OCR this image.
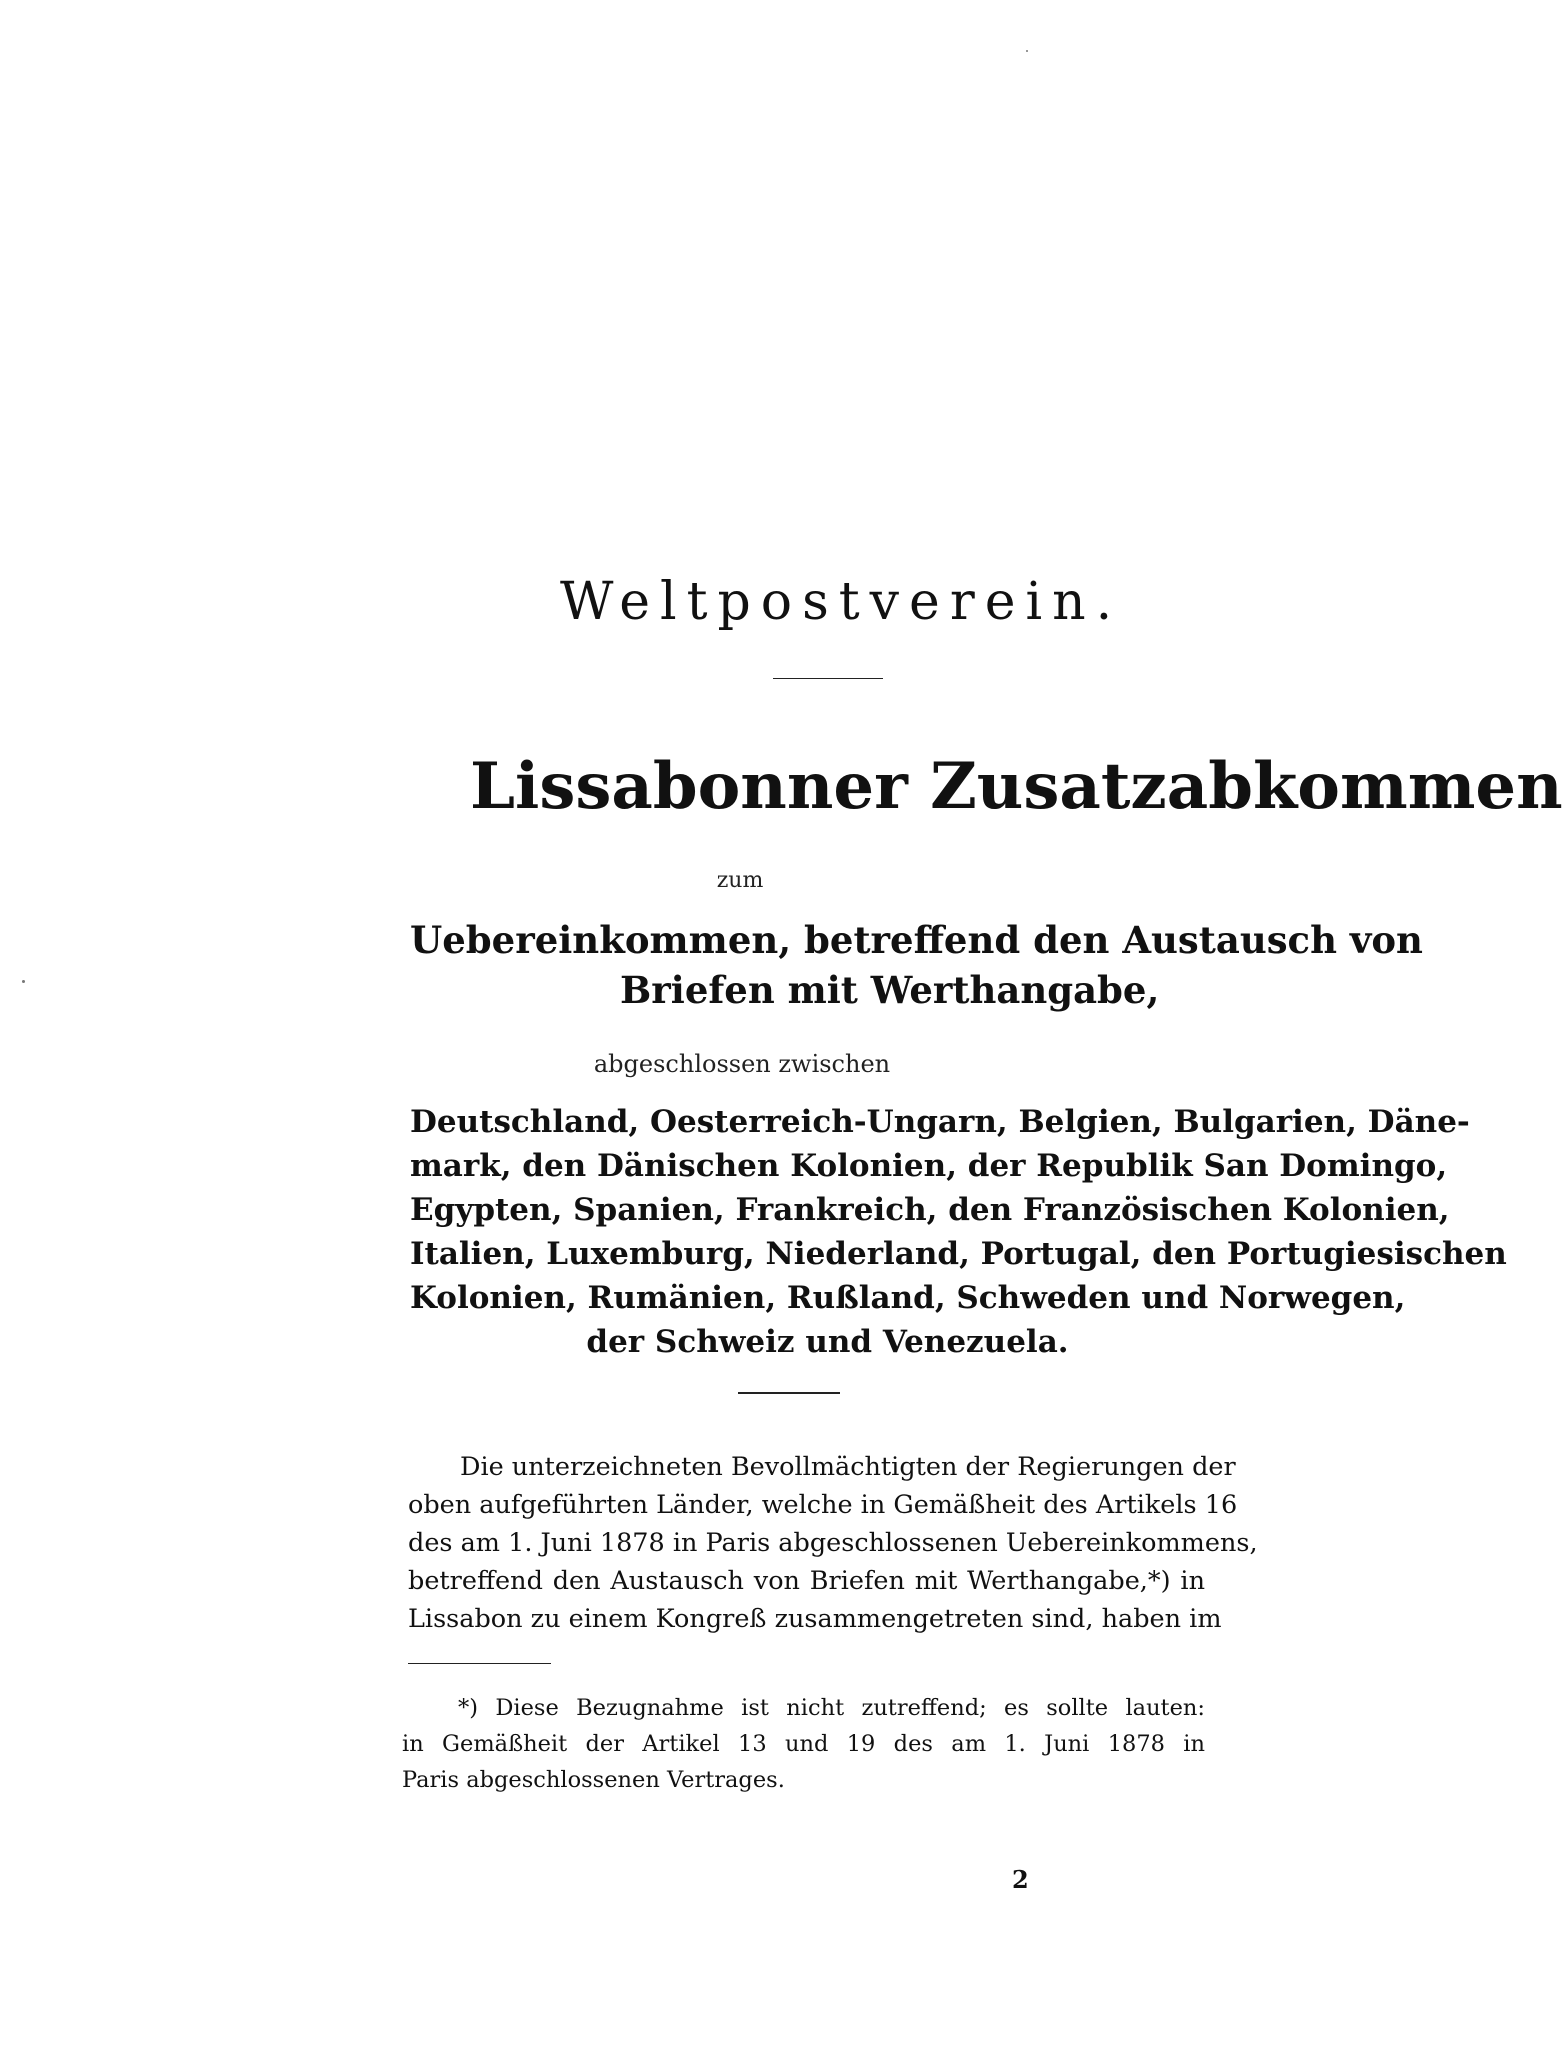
Weltpostverein.
Lissabonner Zusatzabkommen
zum
Uebereinkommen, betreffend den Austausch von
Briefen mit Werthangabe,
abgeschlossen zwischen
Deutschland, Oesterreich-Ungarn, Belgien, Bulgarien, Däne-
mark, den Dänischen Kolonien, der Republik San Domingo,
Egypten, Spanien, Frankreich, den Französischen Kolonien,
Italien, Luxemburg, Niederland, Portugal, den Portugiesischen
Kolonien, Rumänien, Rußland, Schweden und Norwegen,
der Schweiz und Venezuela.
Die unterzeichneten Bevollmächtigten der Regierungen der
oben aufgeführten Länder, welche in Gemäßheit des Artikels 16
des am 1. Juni 1878 in Paris abgeschlossenen Uebereinkommens,
betreffend den Austausch von Briefen mit Werthangabe,*) in
Lissabon zu einem Kongreß zusammengetreten sind, haben im
*) Diese Bezugnahme ist nicht zutreffend; es sollte lauten:
in Gemäßheit der Artikel 13 und 19 des am 1. Juni 1878 in
Paris abgeschlossenen Vertrages.
2
